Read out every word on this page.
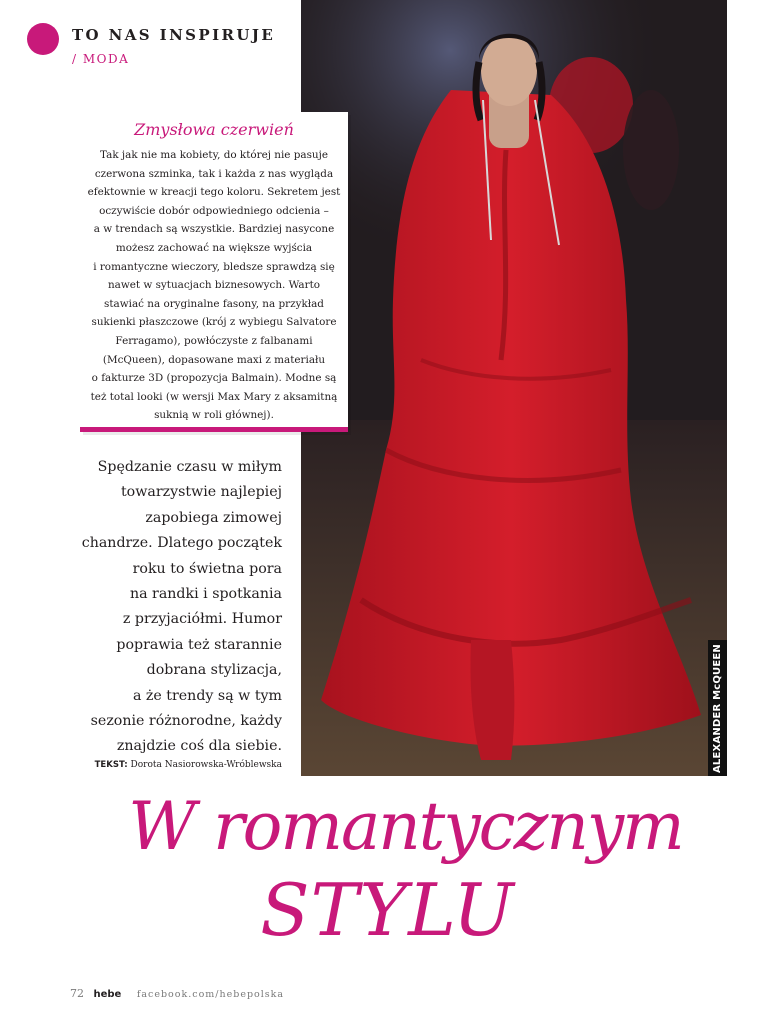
TO NAS INSPIRUJE
/ MODA
ALEXANDER McQUEEN
Zmysłowa czerwień
Tak jak nie ma kobiety, do której nie pasuje
czerwona szminka, tak i każda z nas wygląda
efektownie w kreacji tego koloru. Sekretem jest
oczywiście dobór odpowiedniego odcienia –
a w trendach są wszystkie. Bardziej nasycone
możesz zachować na większe wyjścia
i romantyczne wieczory, bledsze sprawdzą się
nawet w sytuacjach biznesowych. Warto
stawiać na oryginalne fasony, na przykład
sukienki płaszczowe (krój z wybiegu Salvatore
Ferragamo), powłóczyste z falbanami
(McQueen), dopasowane maxi z materiału
o fakturze 3D (propozycja Balmain). Modne są
też total looki (w wersji Max Mary z aksamitną
suknią w roli głównej).
Spędzanie czasu w miłym
towarzystwie najlepiej
zapobiega zimowej
chandrze. Dlatego początek
roku to świetna pora
na randki i spotkania
z przyjaciółmi. Humor
poprawia też starannie
dobrana stylizacja,
a że trendy są w tym
sezonie różnorodne, każdy
znajdzie coś dla siebie.
TEKST: Dorota Nasiorowska-Wróblewska
W romantycznym
STYLU
72 hebe facebook.com/hebepolska
